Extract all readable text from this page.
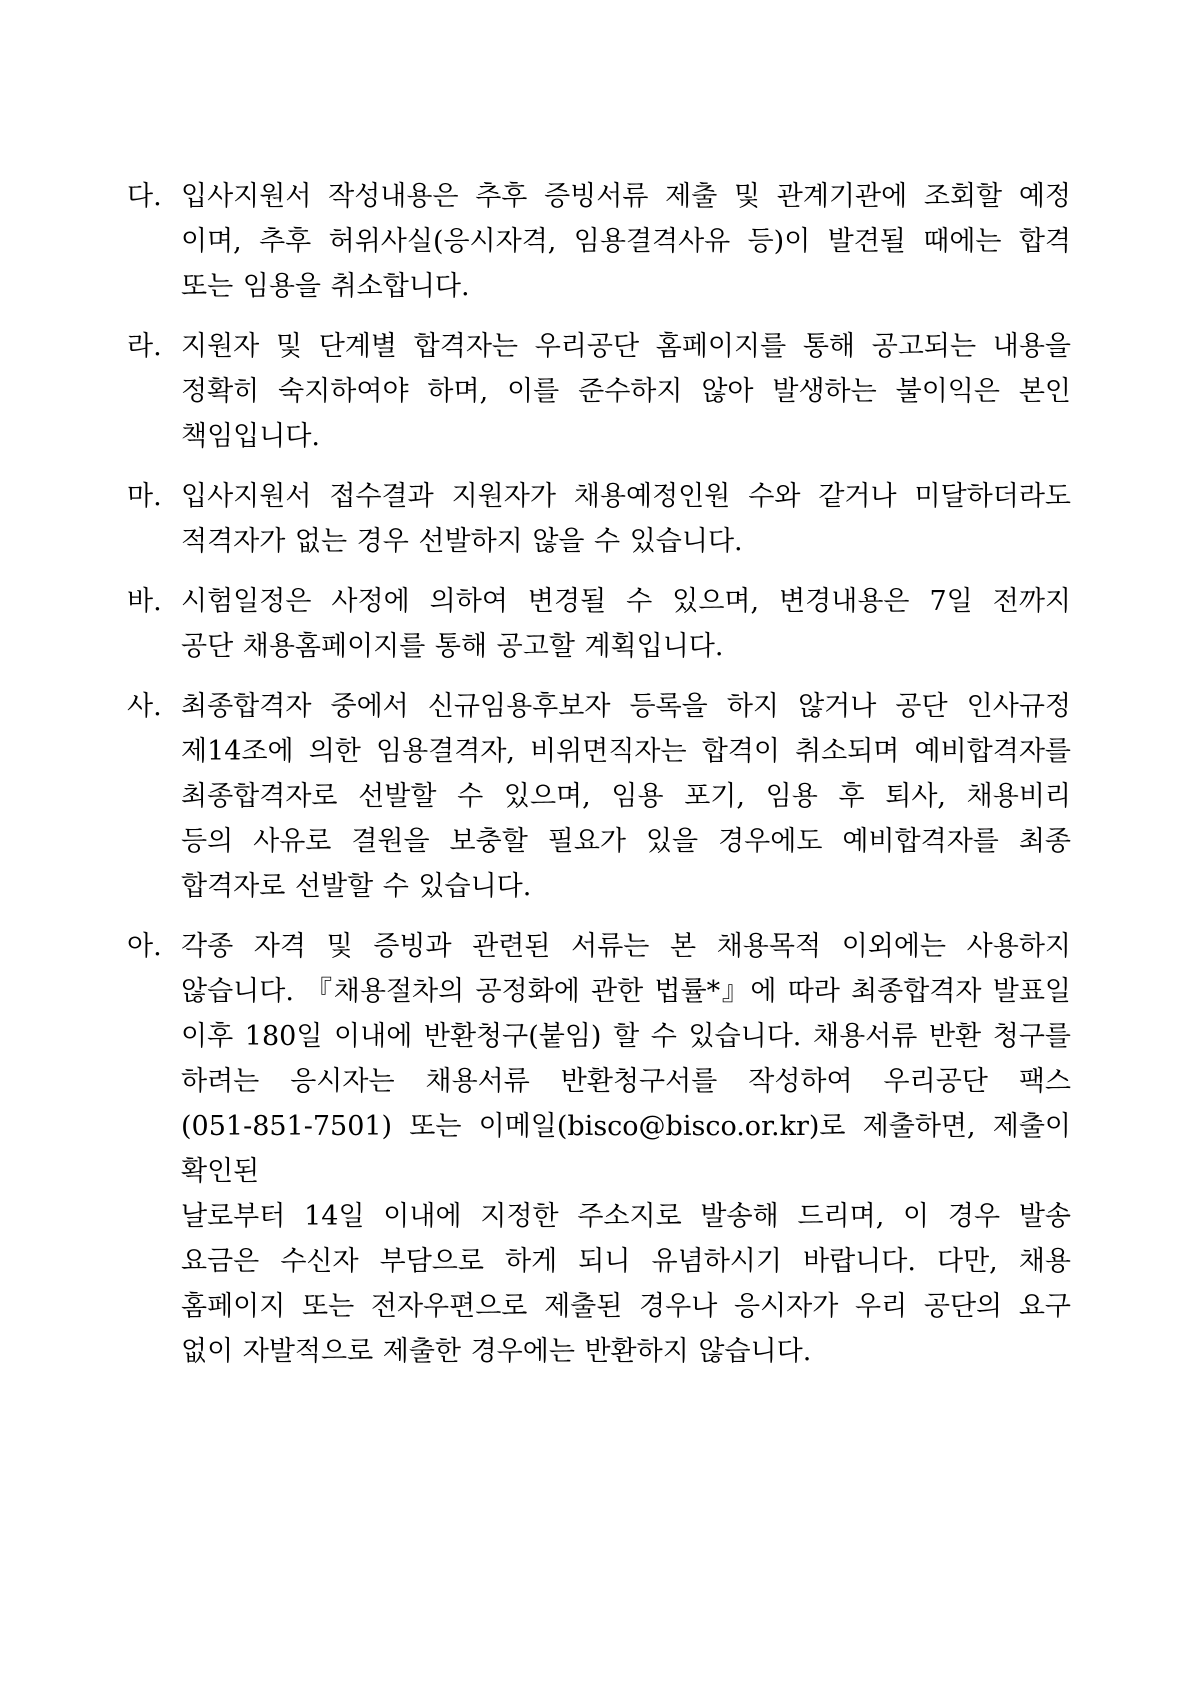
다. 입사지원서 작성내용은 추후 증빙서류 제출 및 관계기관에 조회할 예정
이며, 추후 허위사실(응시자격, 임용결격사유 등)이 발견될 때에는 합격
또는 임용을 취소합니다.
라. 지원자 및 단계별 합격자는 우리공단 홈페이지를 통해 공고되는 내용을
정확히 숙지하여야 하며, 이를 준수하지 않아 발생하는 불이익은 본인
책임입니다.
마. 입사지원서 접수결과 지원자가 채용예정인원 수와 같거나 미달하더라도
적격자가 없는 경우 선발하지 않을 수 있습니다.
바. 시험일정은 사정에 의하여 변경될 수 있으며, 변경내용은 7일 전까지
공단 채용홈페이지를 통해 공고할 계획입니다.
사. 최종합격자 중에서 신규임용후보자 등록을 하지 않거나 공단 인사규정
제14조에 의한 임용결격자, 비위면직자는 합격이 취소되며 예비합격자를
최종합격자로 선발할 수 있으며, 임용 포기, 임용 후 퇴사, 채용비리
등의 사유로 결원을 보충할 필요가 있을 경우에도 예비합격자를 최종
합격자로 선발할 수 있습니다.
아. 각종 자격 및 증빙과 관련된 서류는 본 채용목적 이외에는 사용하지
않습니다. 『채용절차의 공정화에 관한 법률*』에 따라 최종합격자 발표일
이후 180일 이내에 반환청구(붙임) 할 수 있습니다. 채용서류 반환 청구를
하려는 응시자는 채용서류 반환청구서를 작성하여 우리공단 팩스
(051-851-7501) 또는 이메일(bisco@bisco.or.kr)로 제출하면, 제출이 확인된
날로부터 14일 이내에 지정한 주소지로 발송해 드리며, 이 경우 발송
요금은 수신자 부담으로 하게 되니 유념하시기 바랍니다. 다만, 채용
홈페이지 또는 전자우편으로 제출된 경우나 응시자가 우리 공단의 요구
없이 자발적으로 제출한 경우에는 반환하지 않습니다.
